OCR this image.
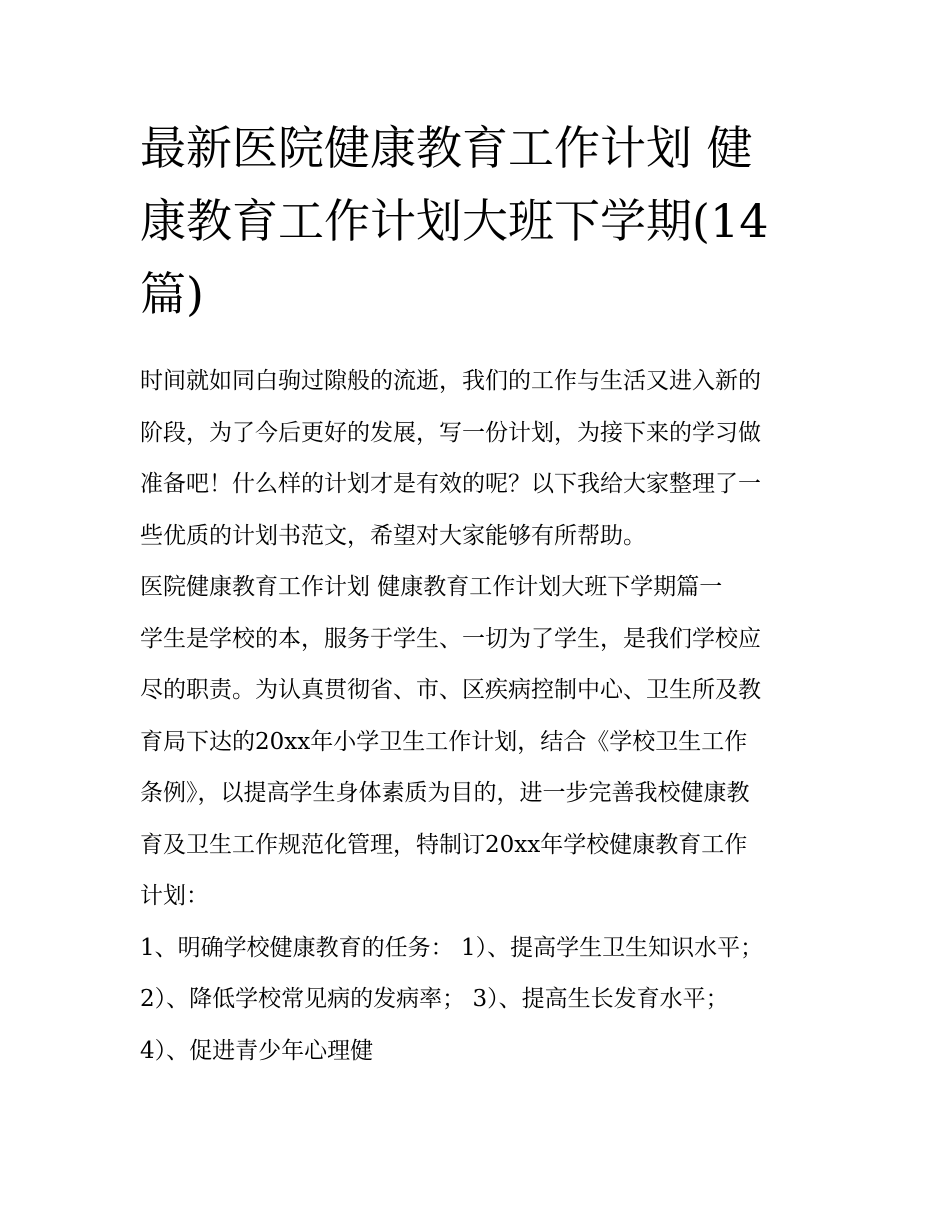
最新医院健康教育工作计划 健
康教育工作计划大班下学期(14
篇)
时间就如同白驹过隙般的流逝，我们的工作与生活又进入新的
阶段，为了今后更好的发展，写一份计划，为接下来的学习做
准备吧！什么样的计划才是有效的呢？以下我给大家整理了一
些优质的计划书范文，希望对大家能够有所帮助。
医院健康教育工作计划 健康教育工作计划大班下学期篇一
学生是学校的本，服务于学生、一切为了学生，是我们学校应
尽的职责。为认真贯彻省、市、区疾病控制中心、卫生所及教
育局下达的20xx年小学卫生工作计划，结合《学校卫生工作
条例》，以提高学生身体素质为目的，进一步完善我校健康教
育及卫生工作规范化管理，特制订20xx年学校健康教育工作
计划：
1、明确学校健康教育的任务： 1）、提高学生卫生知识水平；
2）、降低学校常见病的发病率； 3）、提高生长发育水平；
4）、促进青少年心理健
